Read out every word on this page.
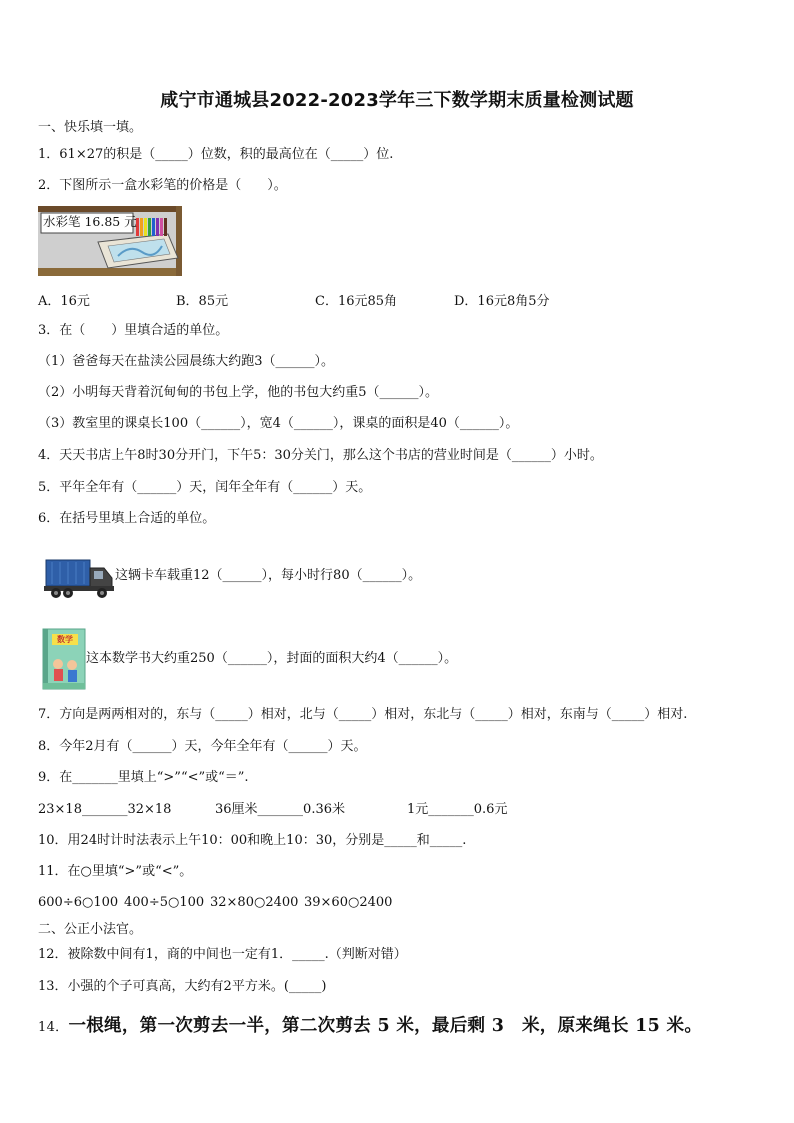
咸宁市通城县2022-2023学年三下数学期末质量检测试题
一、快乐填一填。
1．61×27的积是（_____）位数，积的最高位在（_____）位.
2．下图所示一盒水彩笔的价格是（　　）。
水彩笔 16.85 元
A．16元	B．85元	C．16元85角	D．16元8角5分
3．在（　　）里填合适的单位。
（1）爸爸每天在盐渎公园晨练大约跑3（______）。
（2）小明每天背着沉甸甸的书包上学，他的书包大约重5（______）。
（3）教室里的课桌长100（______），宽4（______），课桌的面积是40（______）。
4．天天书店上午8时30分开门，下午5：30分关门，那么这个书店的营业时间是（______）小时。
5．平年全年有（______）天，闰年全年有（______）天。
6．在括号里填上合适的单位。
这辆卡车载重12（______），每小时行80（______）。
数学
这本数学书大约重250（______），封面的面积大约4（______）。
7．方向是两两相对的，东与（_____）相对，北与（_____）相对，东北与（_____）相对，东南与（_____）相对.
8．今年2月有（______）天，今年全年有（______）天。
9．在_______里填上“>”“<”或“＝”.
23×18_______32×18	36厘米_______0.36米	1元_______0.6元
10．用24时计时法表示上午10：00和晚上10：30，分别是_____和_____.
11．在○里填“>”或“<”。
600÷6○100 400÷5○100 32×80○2400 39×60○2400
二、公正小法官。
12．被除数中间有1，商的中间也一定有1．_____.（判断对错）
13．小强的个子可真高，大约有2平方米。(_____)
14．一根绳，第一次剪去一半，第二次剪去 5 米，最后剩 3　米，原来绳长 15 米。
